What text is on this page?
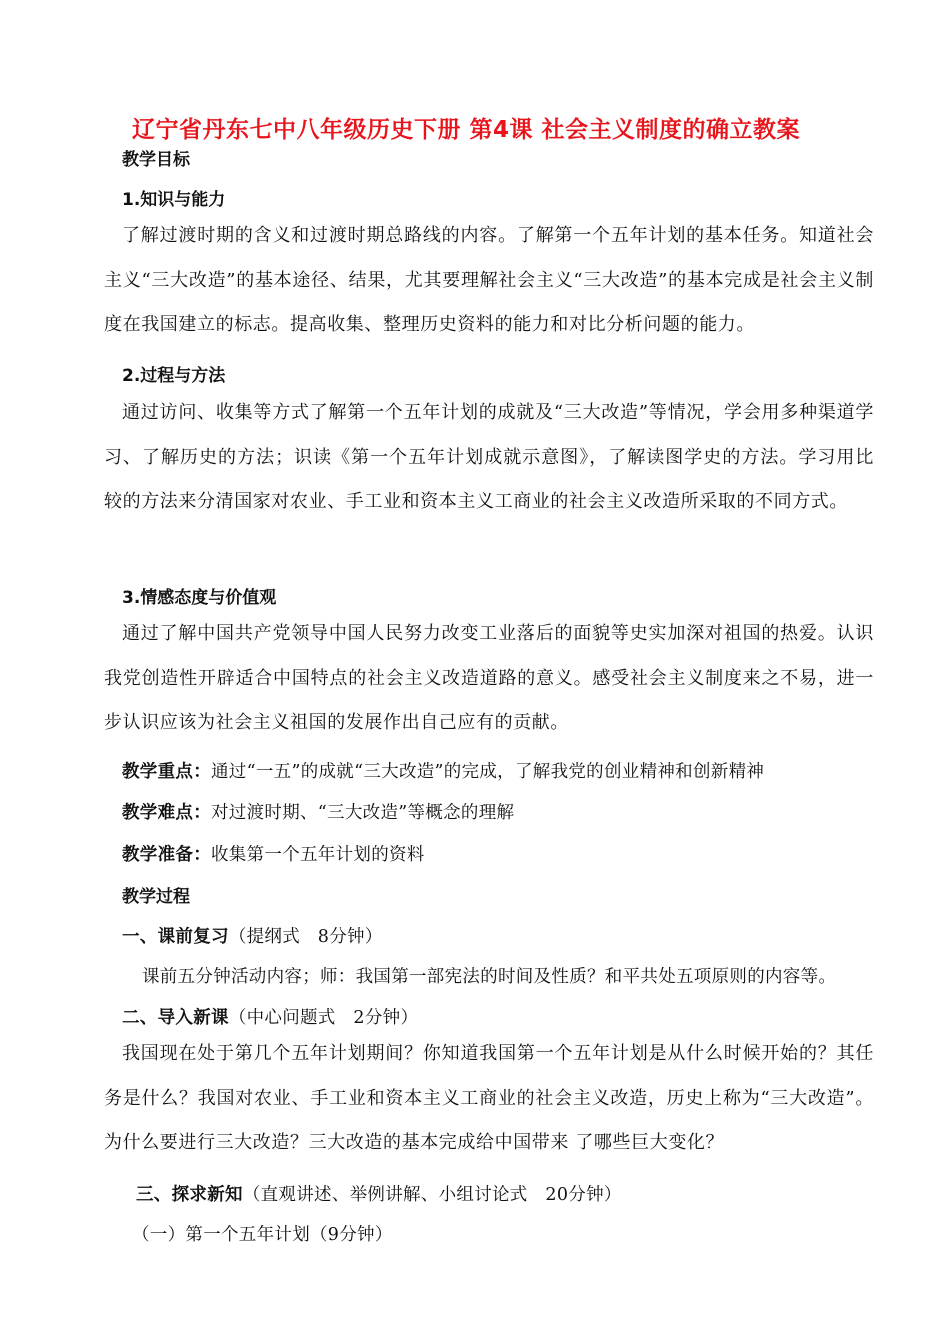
辽宁省丹东七中八年级历史下册 第4课 社会主义制度的确立教案
教学目标
1.知识与能力
了解过渡时期的含义和过渡时期总路线的内容。了解第一个五年计划的基本任务。知道社会主义“三大改造”的基本途径、结果，尤其要理解社会主义“三大改造”的基本完成是社会主义制度在我国建立的标志。提高收集、整理历史资料的能力和对比分析问题的能力。
2.过程与方法
通过访问、收集等方式了解第一个五年计划的成就及“三大改造”等情况，学会用多种渠道学习、了解历史的方法；识读《第一个五年计划成就示意图》，了解读图学史的方法。学习用比较的方法来分清国家对农业、手工业和资本主义工商业的社会主义改造所采取的不同方式。
3.情感态度与价值观
通过了解中国共产党领导中国人民努力改变工业落后的面貌等史实加深对祖国的热爱。认识我党创造性开辟适合中国特点的社会主义改造道路的意义。感受社会主义制度来之不易，进一步认识应该为社会主义祖国的发展作出自己应有的贡献。
教学重点：通过“一五”的成就“三大改造”的完成，了解我党的创业精神和创新精神
教学难点：对过渡时期、“三大改造”等概念的理解
教学准备：收集第一个五年计划的资料
教学过程
一、课前复习（提纲式　8分钟）
课前五分钟活动内容；师：我国第一部宪法的时间及性质？和平共处五项原则的内容等。
二、导入新课（中心问题式　2分钟）
我国现在处于第几个五年计划期间？你知道我国第一个五年计划是从什么时候开始的？其任务是什么？我国对农业、手工业和资本主义工商业的社会主义改造，历史上称为“三大改造”。为什么要进行三大改造？三大改造的基本完成给中国带来 了哪些巨大变化？
三、探求新知（直观讲述、举例讲解、小组讨论式　20分钟）
（一）第一个五年计划（9分钟）
